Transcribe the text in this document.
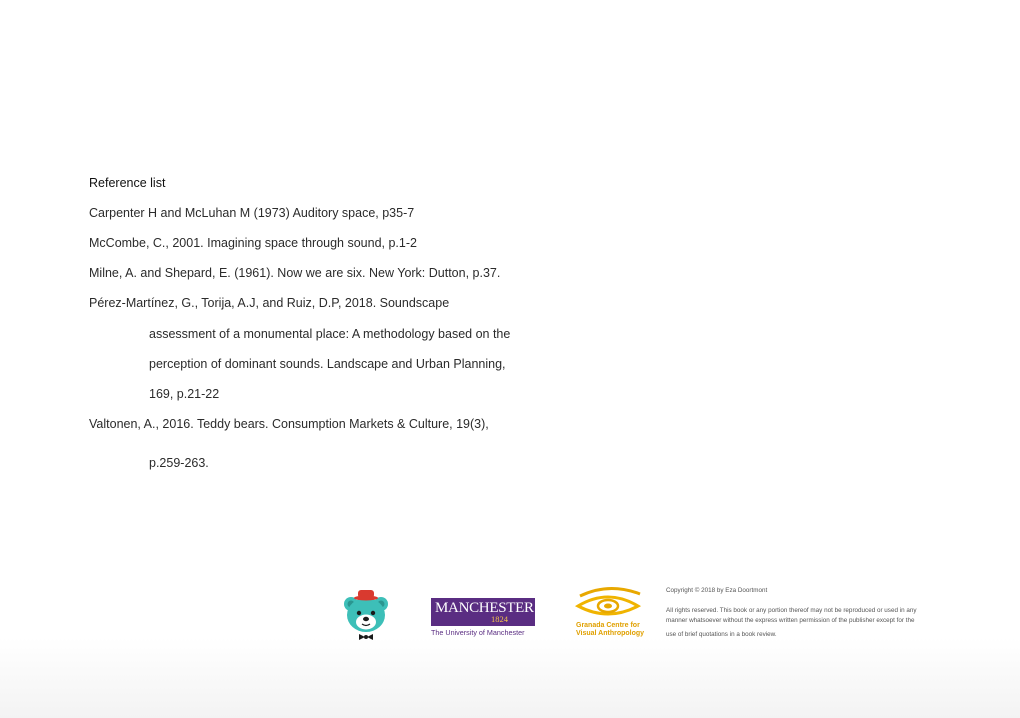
Reference list
Carpenter H and McLuhan M (1973) Auditory space, p35-7
McCombe, C., 2001. Imagining space through sound, p.1-2
Milne, A. and Shepard, E. (1961). Now we are six. New York: Dutton, p.37.
Pérez-Martínez, G., Torija, A.J, and Ruiz, D.P, 2018. Soundscape
assessment of a monumental place: A methodology based on the
perception of dominant sounds. Landscape and Urban Planning,
169, p.21-22
Valtonen, A., 2016. Teddy bears. Consumption Markets & Culture, 19(3),
p.259-263.
MANCHESTER
1824
The University of Manchester
Granada Centre for
Visual Anthropology
Copyright © 2018 by Eza Doortmont
All rights reserved. This book or any portion thereof may not be reproduced or used in any
manner whatsoever without the express written permission of the publisher except for the
use of brief quotations in a book review.
